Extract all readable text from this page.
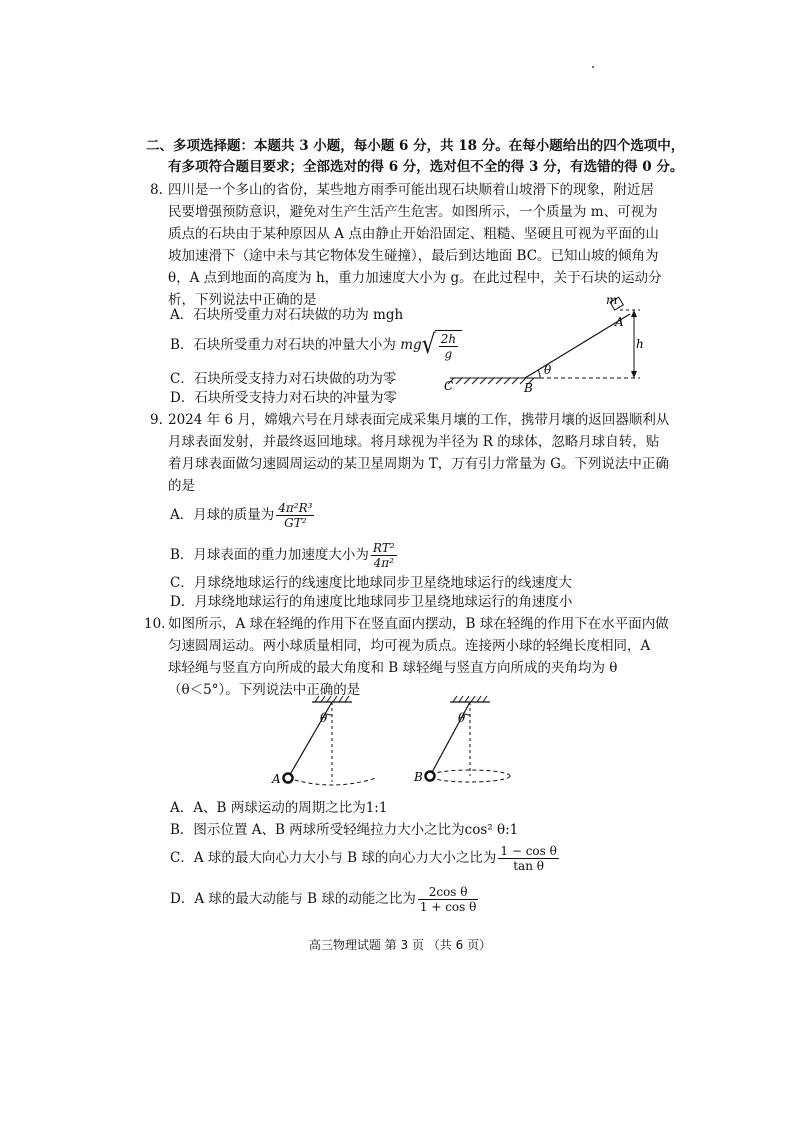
二、多项选择题：本题共 3 小题，每小题 6 分，共 18 分。在每小题给出的四个选项中，
有多项符合题目要求；全部选对的得 6 分，选对但不全的得 3 分，有选错的得 0 分。
8. 四川是一个多山的省份，某些地方雨季可能出现石块顺着山坡滑下的现象，附近居
民要增强预防意识，避免对生产生活产生危害。如图所示，一个质量为 m、可视为
质点的石块由于某种原因从 A 点由静止开始沿固定、粗糙、坚硬且可视为平面的山
坡加速滑下（途中未与其它物体发生碰撞），最后到达地面 BC。已知山坡的倾角为
θ，A 点到地面的高度为 h，重力加速度大小为 g。在此过程中，关于石块的运动分
析，下列说法中正确的是
A．石块所受重力对石块做的功为 mgh
B．石块所受重力对石块的冲量大小为 $mg√ \frac{2h}{g}$
C．石块所受支持力对石块做的功为零
D．石块所受支持力对石块的冲量为零
m
A
h
θ
B
C
9. 2024 年 6 月，嫦娥六号在月球表面完成采集月壤的工作，携带月壤的返回器顺利从
月球表面发射，并最终返回地球。将月球视为半径为 R 的球体，忽略月球自转，贴
着月球表面做匀速圆周运动的某卫星周期为 T，万有引力常量为 G。下列说法中正确
的是
A．月球的质量为 $\frac{\text{4π²R³}}{\text{GT²}}$
B．月球表面的重力加速度大小为 $\frac{\text{RT²}}{\text{4π²}}$
C．月球绕地球运行的线速度比地球同步卫星绕地球运行的线速度大
D．月球绕地球运行的角速度比地球同步卫星绕地球运行的角速度小
10. 如图所示，A 球在轻绳的作用下在竖直面内摆动，B 球在轻绳的作用下在水平面内做
匀速圆周运动。两小球质量相同，均可视为质点。连接两小球的轻绳长度相同，A
球轻绳与竖直方向所成的最大角度和 B 球轻绳与竖直方向所成的夹角均为 θ
（θ＜5°）。下列说法中正确的是
θ
A
θ
B
A．A、B 两球运动的周期之比为1:1
B．图示位置 A、B 两球所受轻绳拉力大小之比为cos² θ:1
C．A 球的最大向心力大小与 B 球的向心力大小之比为 $\frac{\text{1 − cos θ}}{\text{tan θ}}$
D．A 球的最大动能与 B 球的动能之比为 $\frac{\text{2cos θ}}{\text{1 + cos θ}}$
高三物理试题 第 3 页 （共 6 页）
